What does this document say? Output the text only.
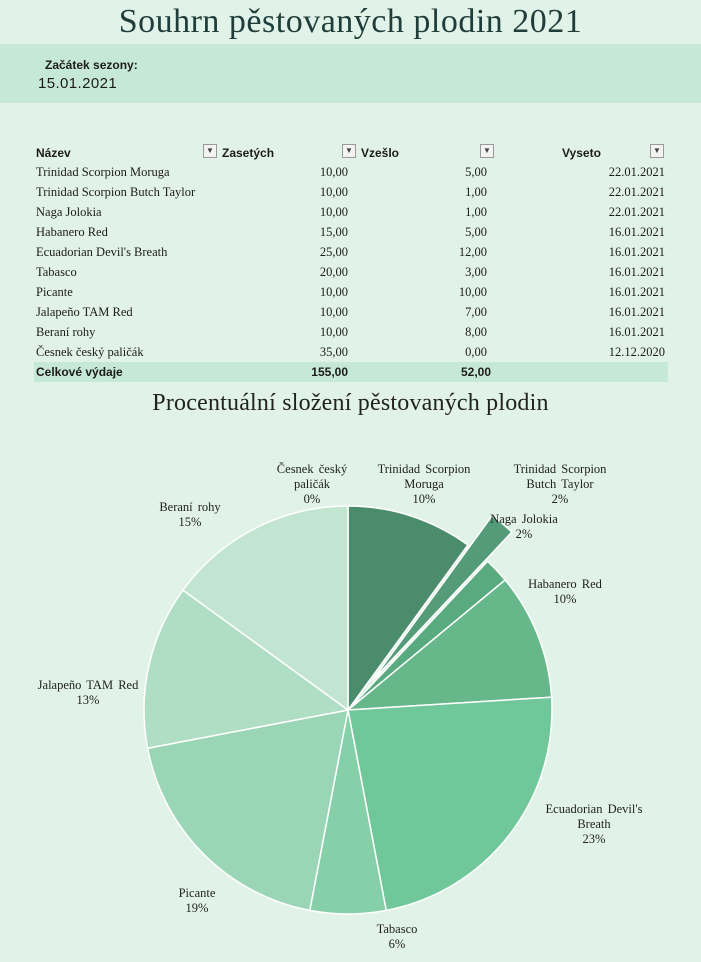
Souhrn pěstovaných plodin 2021
Začátek sezony:
15.01.2021
Název	▼ Zasetých	▼ Vzešlo	▼	Vyseto	▼
Trinidad Scorpion Moruga	10,00	5,00	22.01.2021
Trinidad Scorpion Butch Taylor	10,00	1,00	22.01.2021
Naga Jolokia	10,00	1,00	22.01.2021
Habanero Red	15,00	5,00	16.01.2021
Ecuadorian Devil's Breath	25,00	12,00	16.01.2021
Tabasco	20,00	3,00	16.01.2021
Picante	10,00	10,00	16.01.2021
Jalapeño TAM Red	10,00	7,00	16.01.2021
Beraní rohy	10,00	8,00	16.01.2021
Česnek český paličák	35,00	0,00	12.12.2020
Celkové výdaje	155,00	52,00
Procentuální složení pěstovaných plodin
Trinidad Scorpion
Moruga
10%
Trinidad Scorpion
Butch Taylor
2%
Naga Jolokia
2%
Habanero Red
10%
Ecuadorian Devil's
Breath
23%
Tabasco
6%
Picante
19%
Jalapeño TAM Red
13%
Beraní rohy
15%
Česnek český
paličák
0%
